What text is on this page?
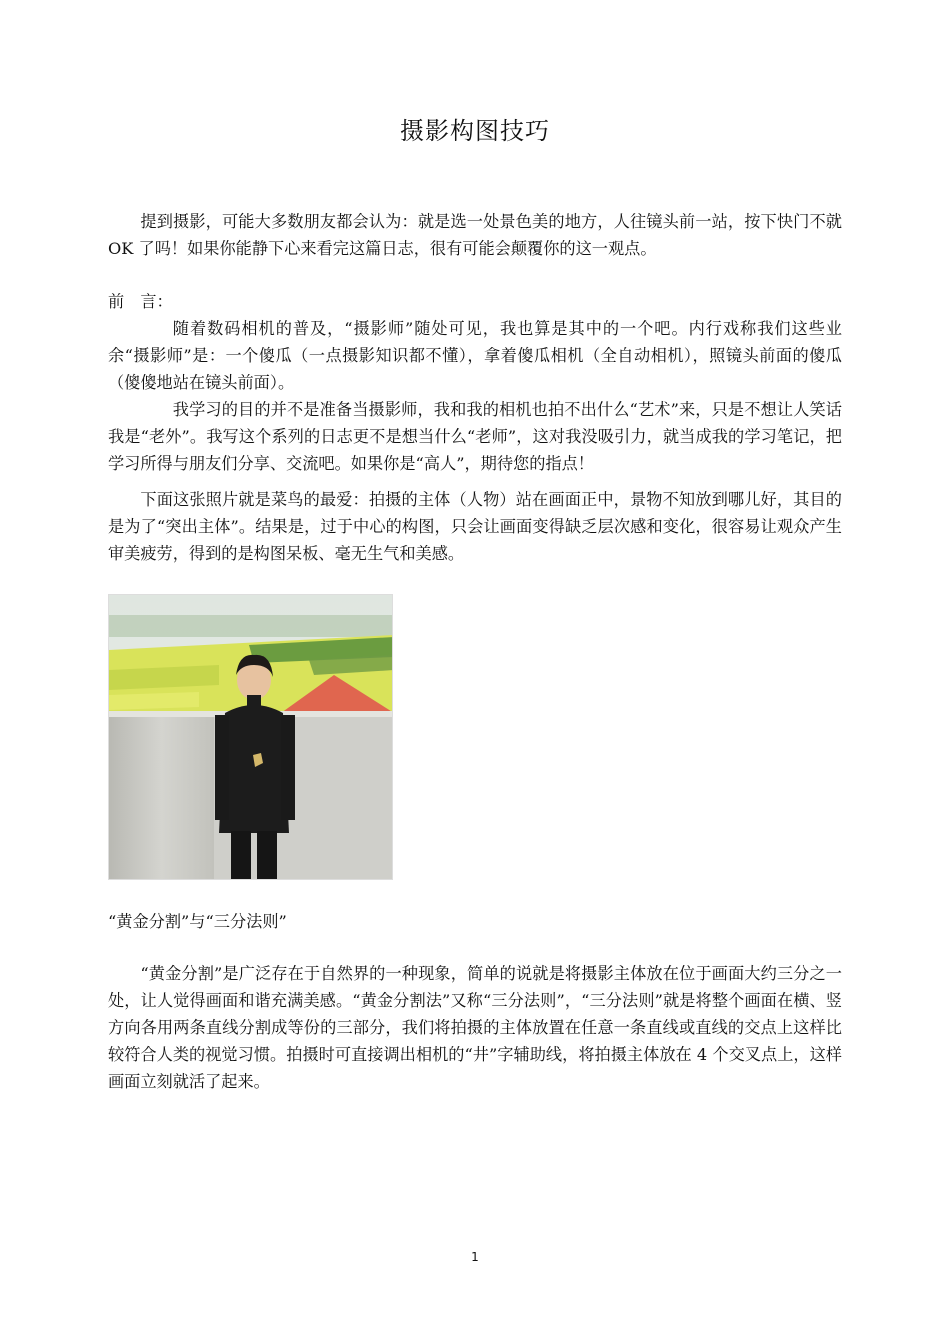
摄影构图技巧

提到摄影，可能大多数朋友都会认为：就是选一处景色美的地方，人往镜头前一站，按下快门不就 OK 了吗！如果你能静下心来看完这篇日志，很有可能会颠覆你的这一观点。

前　言：

随着数码相机的普及，“摄影师”随处可见，我也算是其中的一个吧。内行戏称我们这些业余“摄影师”是：一个傻瓜（一点摄影知识都不懂），拿着傻瓜相机（全自动相机），照镜头前面的傻瓜（傻傻地站在镜头前面）。

我学习的目的并不是准备当摄影师，我和我的相机也拍不出什么“艺术”来，只是不想让人笑话我是“老外”。我写这个系列的日志更不是想当什么“老师”，这对我没吸引力，就当成我的学习笔记，把学习所得与朋友们分享、交流吧。如果你是“高人”，期待您的指点！

下面这张照片就是菜鸟的最爱：拍摄的主体（人物）站在画面正中，景物不知放到哪儿好，其目的是为了“突出主体”。结果是，过于中心的构图，只会让画面变得缺乏层次感和变化，很容易让观众产生审美疲劳，得到的是构图呆板、毫无生气和美感。

“黄金分割”与“三分法则”

“黄金分割”是广泛存在于自然界的一种现象，简单的说就是将摄影主体放在位于画面大约三分之一处，让人觉得画面和谐充满美感。“黄金分割法”又称“三分法则”，“三分法则”就是将整个画面在横、竖方向各用两条直线分割成等份的三部分，我们将拍摄的主体放置在任意一条直线或直线的交点上这样比较符合人类的视觉习惯。拍摄时可直接调出相机的“井”字辅助线，将拍摄主体放在 4 个交叉点上，这样画面立刻就活了起来。

1
